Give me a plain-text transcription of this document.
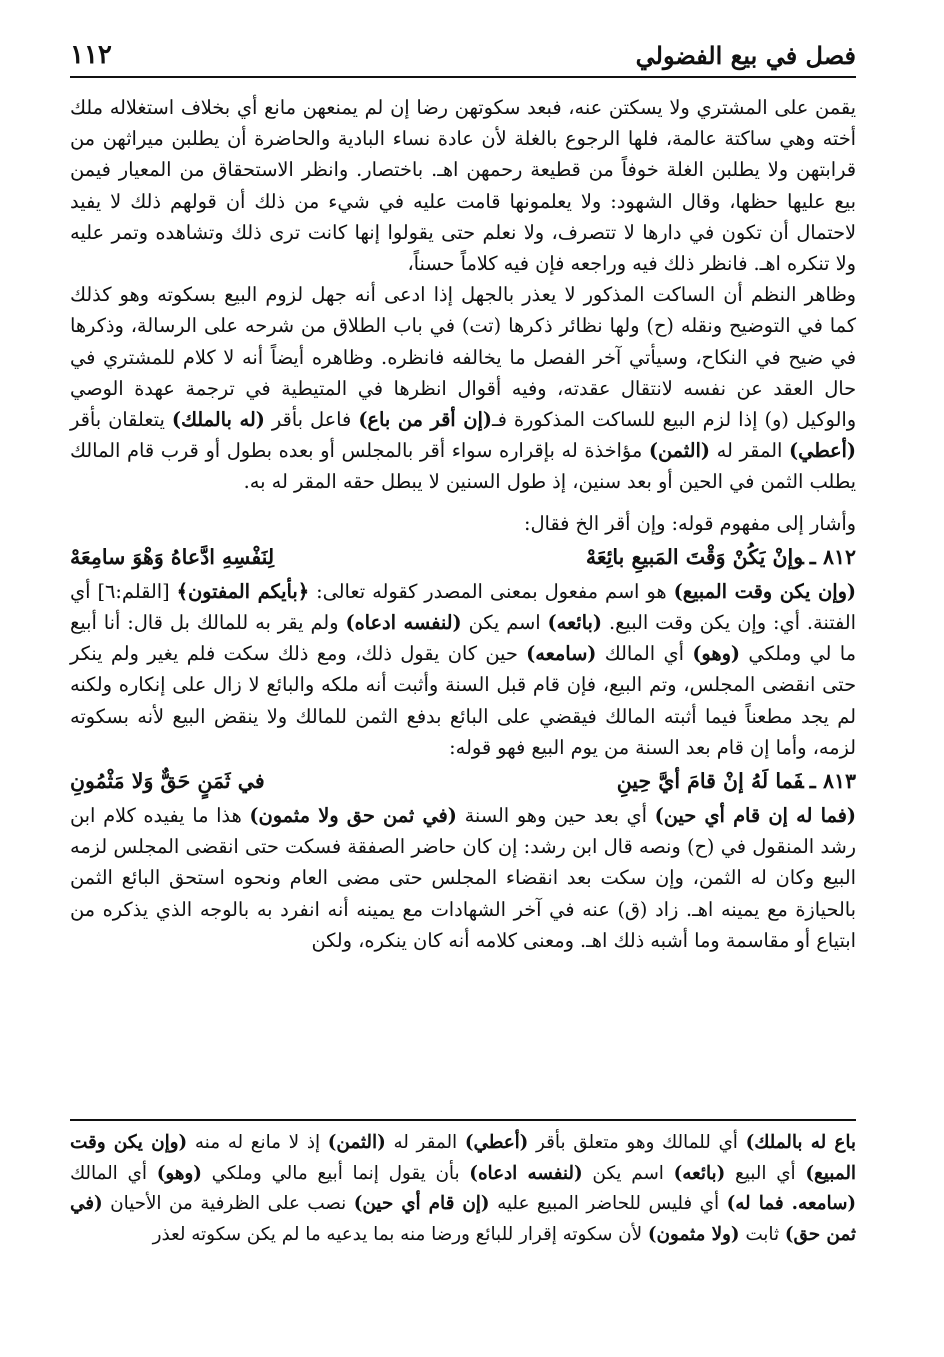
فصل في بيع الفضولي
١١٢

يقمن على المشتري ولا يسكتن عنه، فبعد سكوتهن رضا إن لم يمنعهن مانع أي بخلاف استغلاله ملك أخته وهي ساكتة عالمة، فلها الرجوع بالغلة لأن عادة نساء البادية والحاضرة أن يطلبن ميراثهن من قرابتهن ولا يطلبن الغلة خوفاً من قطيعة رحمهن اهـ. باختصار. وانظر الاستحقاق من المعيار فيمن بيع عليها حظها، وقال الشهود: ولا يعلمونها قامت عليه في شيء من ذلك أن قولهم ذلك لا يفيد لاحتمال أن تكون في دارها لا تتصرف، ولا نعلم حتى يقولوا إنها كانت ترى ذلك وتشاهده وتمر عليه ولا تنكره اهـ. فانظر ذلك فيه وراجعه فإن فيه كلاماً حسناً،

وظاهر النظم أن الساكت المذكور لا يعذر بالجهل إذا ادعى أنه جهل لزوم البيع بسكوته وهو كذلك كما في التوضيح ونقله (ح) ولها نظائر ذكرها (تت) في باب الطلاق من شرحه على الرسالة، وذكرها في ضيح في النكاح، وسيأتي آخر الفصل ما يخالفه فانظره. وظاهره أيضاً أنه لا كلام للمشتري في حال العقد عن نفسه لانتقال عقدته، وفيه أقوال انظرها في المتيطية في ترجمة عهدة الوصي والوكيل (و) إذا لزم البيع للساكت المذكورة فـ(إن أقر من باع) فاعل بأقر (له بالملك) يتعلقان بأقر (أعطي) المقر له (الثمن) مؤاخذة له بإقراره سواء أقر بالمجلس أو بعده بطول أو قرب قام المالك يطلب الثمن في الحين أو بعد سنين، إذ طول السنين لا يبطل حقه المقر له به.

وأشار إلى مفهوم قوله: وإن أقر الخ فقال:

٨١٢ ـوإنْ يَكُنْ وَقْتَ المَبيعِ بائِعَهْ
لِنَفْسِهِ ادَّعاهُ وَهْوَ سامِعَهْ

(وإن يكن وقت المبيع) هو اسم مفعول بمعنى المصدر كقوله تعالى: ﴿بأيكم المفتون﴾ [القلم:٦] أي الفتنة. أي: وإن يكن وقت البيع. (بائعه) اسم يكن (لنفسه ادعاه) ولم يقر به للمالك بل قال: أنا أبيع ما لي وملكي (وهو) أي المالك (سامعه) حين كان يقول ذلك، ومع ذلك سكت فلم يغير ولم ينكر حتى انقضى المجلس، وتم البيع، فإن قام قبل السنة وأثبت أنه ملكه والبائع لا زال على إنكاره ولكنه لم يجد مطعناً فيما أثبته المالك فيقضي على البائع بدفع الثمن للمالك ولا ينقض البيع لأنه بسكوته لزمه، وأما إن قام بعد السنة من يوم البيع فهو قوله:

٨١٣ ـفَما لَهُ إنْ قامَ أيَّ حِينِ
في ثَمَنٍ حَقٌّ وَلا مَثْمُونِ

(فما له إن قام أي حين) أي بعد حين وهو السنة (في ثمن حق ولا مثمون) هذا ما يفيده كلام ابن رشد المنقول في (ح) ونصه قال ابن رشد: إن كان حاضر الصفقة فسكت حتى انقضى المجلس لزمه البيع وكان له الثمن، وإن سكت بعد انقضاء المجلس حتى مضى العام ونحوه استحق البائع الثمن بالحيازة مع يمينه اهـ. زاد (ق) عنه في آخر الشهادات مع يمينه أنه انفرد به بالوجه الذي يذكره من ابتياع أو مقاسمة وما أشبه ذلك اهـ. ومعنى كلامه أنه كان ينكره، ولكن

باع له بالملك) أي للمالك وهو متعلق بأقر (أعطي) المقر له (الثمن) إذ لا مانع له منه (وإن يكن وقت المبيع) أي البيع (بائعه) اسم يكن (لنفسه ادعاه) بأن يقول إنما أبيع مالي وملكي (وهو) أي المالك (سامعه. فما له) أي فليس للحاضر المبيع عليه (إن قام أي حين) نصب على الظرفية من الأحيان (في ثمن حق) ثابت (ولا مثمون) لأن سكوته إقرار للبائع ورضا منه بما يدعيه ما لم يكن سكوته لعذر
